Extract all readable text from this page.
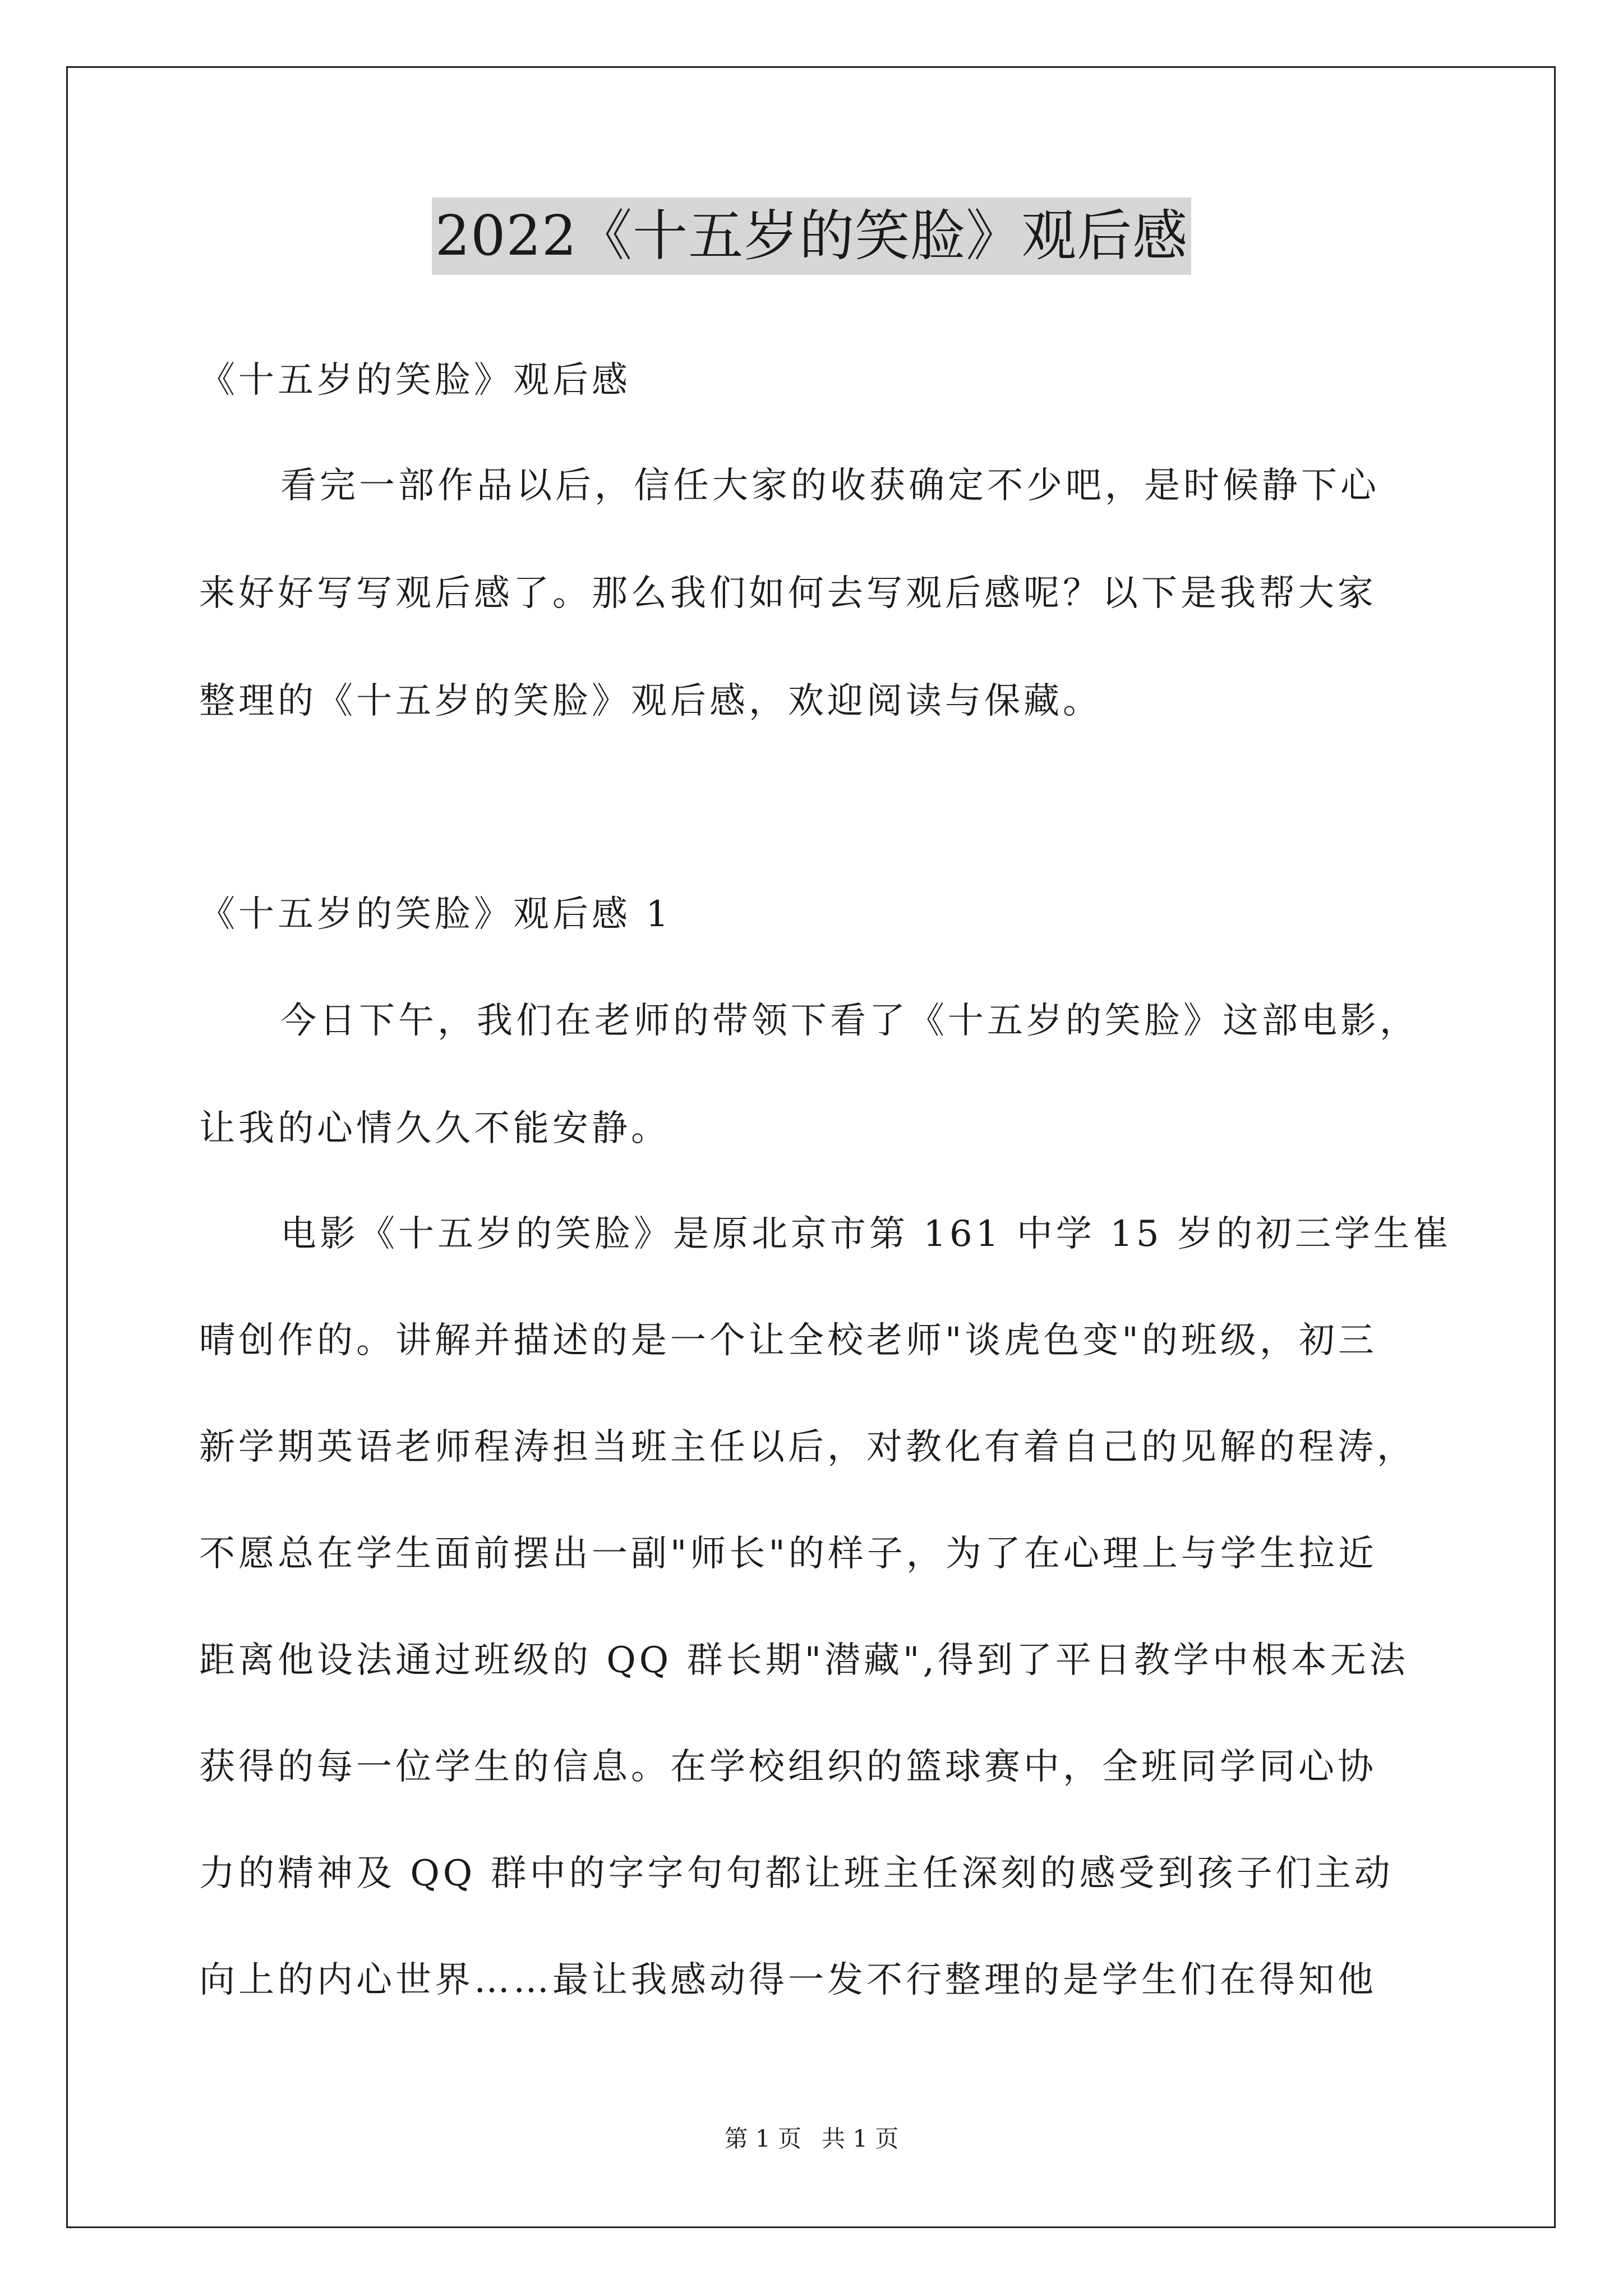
2022《十五岁的笑脸》观后感
《十五岁的笑脸》观后感
看完一部作品以后，信任大家的收获确定不少吧，是时候静下心
来好好写写观后感了。那么我们如何去写观后感呢？以下是我帮大家
整理的《十五岁的笑脸》观后感，欢迎阅读与保藏。
《十五岁的笑脸》观后感 1
今日下午，我们在老师的带领下看了《十五岁的笑脸》这部电影，
让我的心情久久不能安静。
电影《十五岁的笑脸》是原北京市第 161 中学 15 岁的初三学生崔
晴创作的。讲解并描述的是一个让全校老师"谈虎色变"的班级，初三
新学期英语老师程涛担当班主任以后，对教化有着自己的见解的程涛，
不愿总在学生面前摆出一副"师长"的样子，为了在心理上与学生拉近
距离他设法通过班级的 QQ 群长期"潜藏",得到了平日教学中根本无法
获得的每一位学生的信息。在学校组织的篮球赛中，全班同学同心协
力的精神及 QQ 群中的字字句句都让班主任深刻的感受到孩子们主动
向上的内心世界……最让我感动得一发不行整理的是学生们在得知他
第 1 页 共 1 页
